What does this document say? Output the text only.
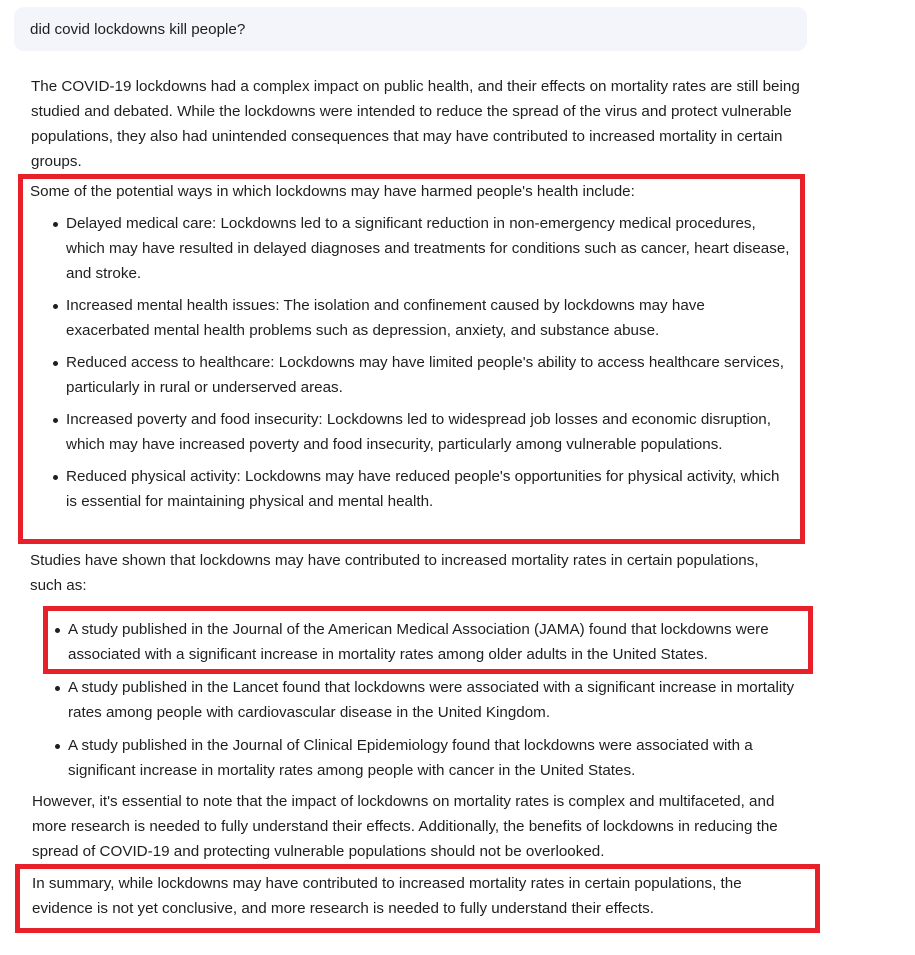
did covid lockdowns kill people?

The COVID-19 lockdowns had a complex impact on public health, and their effects on mortality rates are still being studied and debated. While the lockdowns were intended to reduce the spread of the virus and protect vulnerable populations, they also had unintended consequences that may have contributed to increased mortality in certain groups.

Some of the potential ways in which lockdowns may have harmed people's health include:

Delayed medical care: Lockdowns led to a significant reduction in non-emergency medical procedures, which may have resulted in delayed diagnoses and treatments for conditions such as cancer, heart disease, and stroke.
Increased mental health issues: The isolation and confinement caused by lockdowns may have exacerbated mental health problems such as depression, anxiety, and substance abuse.
Reduced access to healthcare: Lockdowns may have limited people's ability to access healthcare services, particularly in rural or underserved areas.
Increased poverty and food insecurity: Lockdowns led to widespread job losses and economic disruption, which may have increased poverty and food insecurity, particularly among vulnerable populations.
Reduced physical activity: Lockdowns may have reduced people's opportunities for physical activity, which is essential for maintaining physical and mental health.

Studies have shown that lockdowns may have contributed to increased mortality rates in certain populations, such as:

A study published in the Journal of the American Medical Association (JAMA) found that lockdowns were associated with a significant increase in mortality rates among older adults in the United States.
A study published in the Lancet found that lockdowns were associated with a significant increase in mortality rates among people with cardiovascular disease in the United Kingdom.
A study published in the Journal of Clinical Epidemiology found that lockdowns were associated with a significant increase in mortality rates among people with cancer in the United States.

However, it's essential to note that the impact of lockdowns on mortality rates is complex and multifaceted, and more research is needed to fully understand their effects. Additionally, the benefits of lockdowns in reducing the spread of COVID-19 and protecting vulnerable populations should not be overlooked.

In summary, while lockdowns may have contributed to increased mortality rates in certain populations, the evidence is not yet conclusive, and more research is needed to fully understand their effects.
